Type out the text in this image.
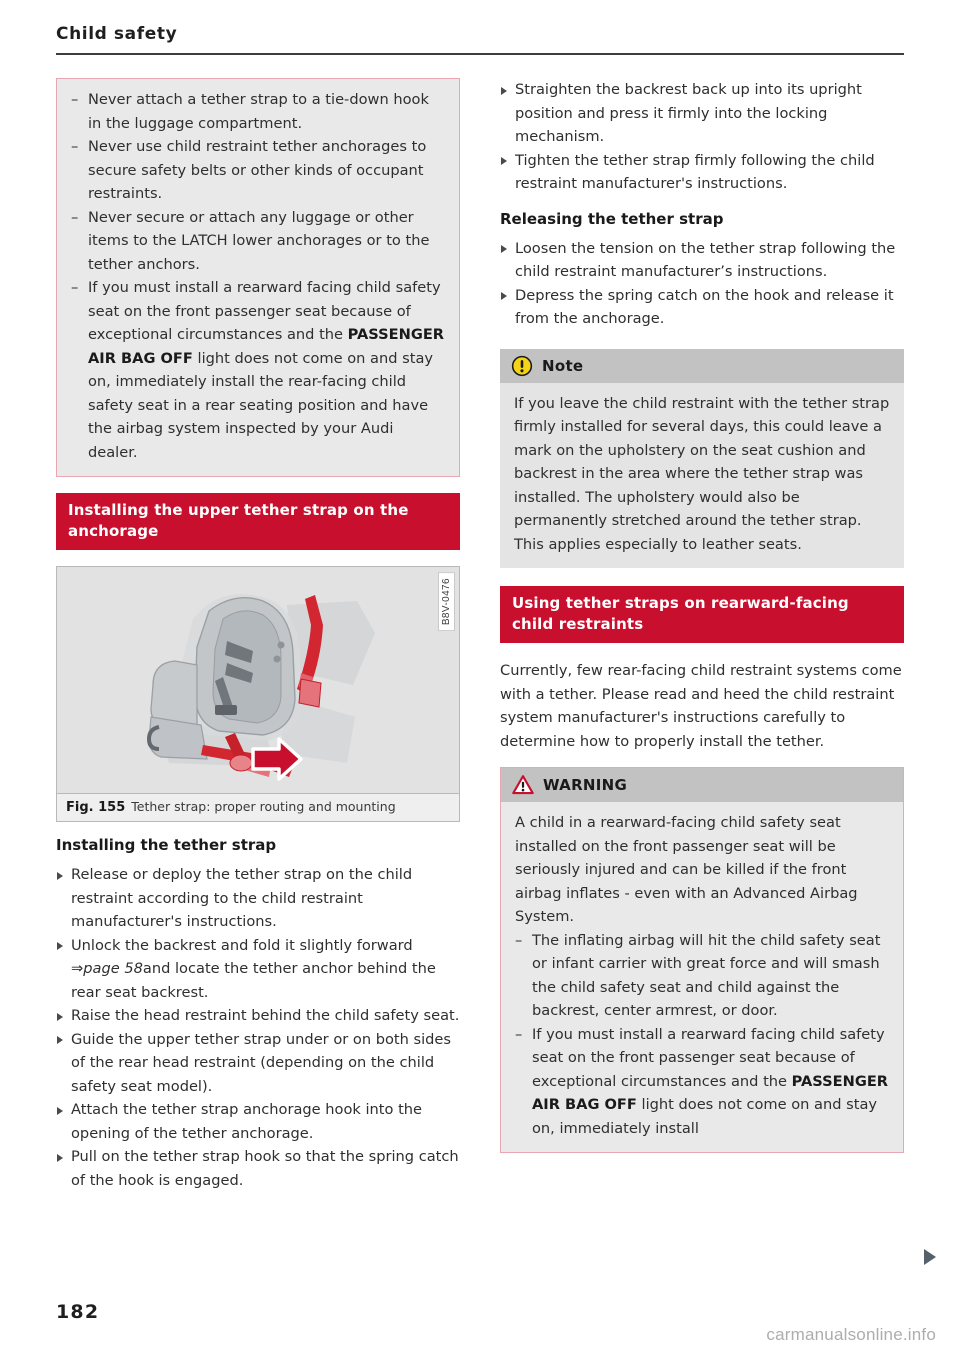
Child safety
– Never attach a tether strap to a tie-down hook in the luggage compartment.
– Never use child restraint tether anchorages to secure safety belts or other kinds of occupant restraints.
– Never secure or attach any luggage or other items to the LATCH lower anchorages or to the tether anchors.
– If you must install a rearward facing child safety seat on the front passenger seat because of exceptional circumstances and the PASSENGER AIR BAG OFF light does not come on and stay on, immediately install the rear-facing child safety seat in a rear seating position and have the airbag system inspected by your Audi dealer.
Installing the upper tether strap on the anchorage
B8V-0476
Fig. 155 Tether strap: proper routing and mounting
Installing the tether strap
Release or deploy the tether strap on the child restraint according to the child restraint manufacturer's instructions.
Unlock the backrest and fold it slightly forward ⇒page 58and locate the tether anchor behind the rear seat backrest.
Raise the head restraint behind the child safety seat.
Guide the upper tether strap under or on both sides of the rear head restraint (depending on the child safety seat model).
Attach the tether strap anchorage hook into the opening of the tether anchorage.
Pull on the tether strap hook so that the spring catch of the hook is engaged.
Straighten the backrest back up into its upright position and press it firmly into the locking mechanism.
Tighten the tether strap firmly following the child restraint manufacturer's instructions.
Releasing the tether strap
Loosen the tension on the tether strap following the child restraint manufacturer’s instructions.
Depress the spring catch on the hook and release it from the anchorage.
Note

If you leave the child restraint with the tether strap firmly installed for several days, this could leave a mark on the upholstery on the seat cushion and backrest in the area where the tether strap was installed. The upholstery would also be permanently stretched around the tether strap. This applies especially to leather seats.

Using tether straps on rearward-facing child restraints

Currently, few rear-facing child restraint systems come with a tether. Please read and heed the child restraint system manufacturer's instructions carefully to determine how to properly install the tether.

WARNING

A child in a rearward-facing child safety seat installed on the front passenger seat will be seriously injured and can be killed if the front airbag inflates - even with an Advanced Airbag System.

– The inflating airbag will hit the child safety seat or infant carrier with great force and will smash the child safety seat and child against the backrest, center armrest, or door.
– If you must install a rearward facing child safety seat on the front passenger seat because of exceptional circumstances and the PASSENGER AIR BAG OFF light does not come on and stay on, immediately install
182
carmanualsonline.info
